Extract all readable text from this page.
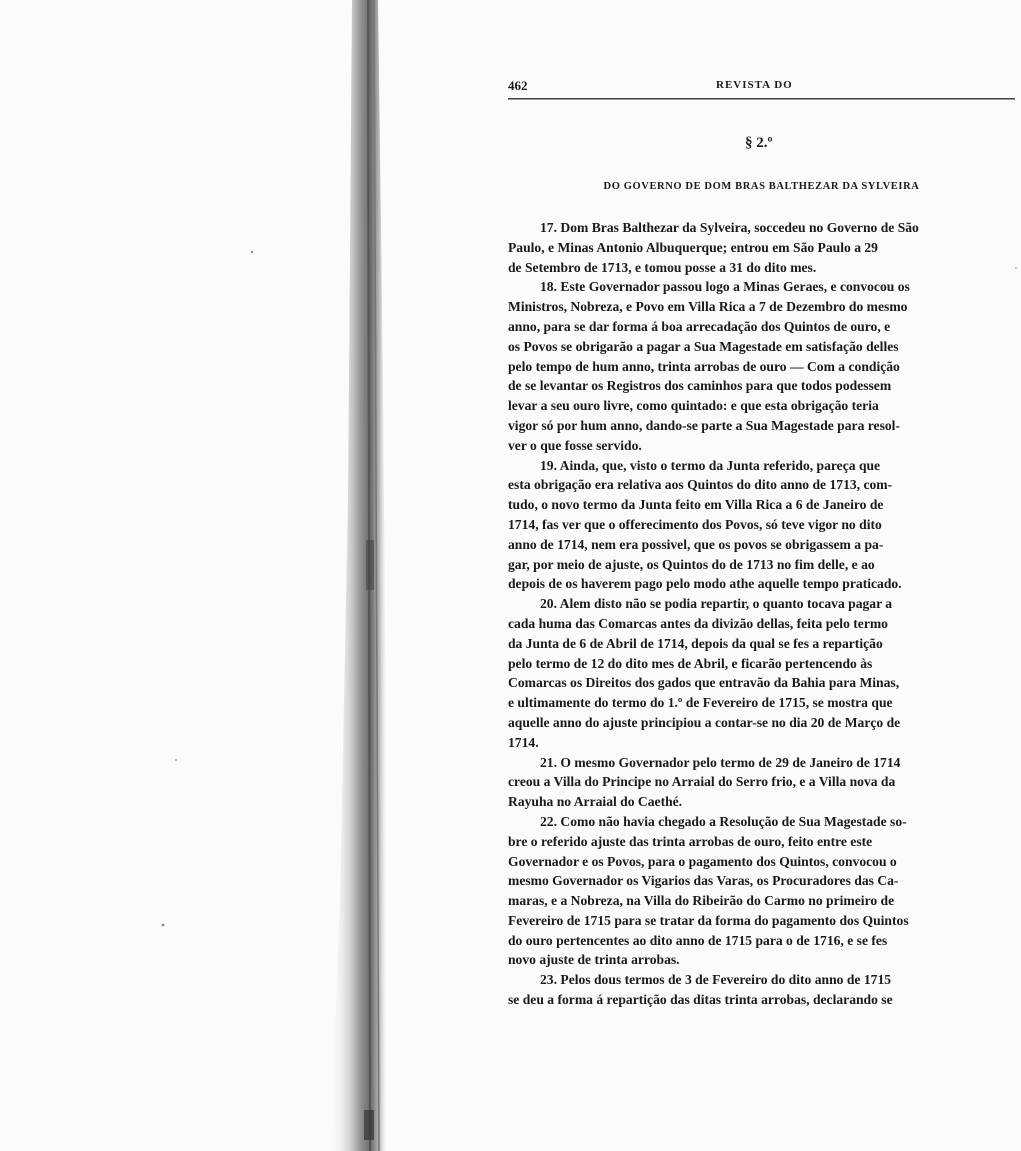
462	REVISTA DO
§ 2.º
DO GOVERNO DE DOM BRAS BALTHEZAR DA SYLVEIRA
17. Dom Bras Balthezar da Sylveira, soccedeu no Governo de São
Paulo, e Minas Antonio Albuquerque; entrou em São Paulo a 29
de Setembro de 1713, e tomou posse a 31 do dito mes.
18. Este Governador passou logo a Minas Geraes, e convocou os
Ministros, Nobreza, e Povo em Villa Rica a 7 de Dezembro do mesmo
anno, para se dar forma á boa arrecadação dos Quintos de ouro, e
os Povos se obrigarão a pagar a Sua Magestade em satisfação delles
pelo tempo de hum anno, trinta arrobas de ouro — Com a condição
de se levantar os Registros dos caminhos para que todos podessem
levar a seu ouro livre, como quintado: e que esta obrigação teria
vigor só por hum anno, dando-se parte a Sua Magestade para resol-
ver o que fosse servido.
19. Ainda, que, visto o termo da Junta referido, pareça que
esta obrigação era relativa aos Quintos do dito anno de 1713, com-
tudo, o novo termo da Junta feito em Villa Rica a 6 de Janeiro de
1714, fas ver que o offerecimento dos Povos, só teve vigor no dito
anno de 1714, nem era possivel, que os povos se obrigassem a pa-
gar, por meio de ajuste, os Quintos do de 1713 no fim delle, e ao
depois de os haverem pago pelo modo athe aquelle tempo praticado.
20. Alem disto não se podia repartir, o quanto tocava pagar a
cada huma das Comarcas antes da divizão dellas, feita pelo termo
da Junta de 6 de Abril de 1714, depois da qual se fes a repartição
pelo termo de 12 do dito mes de Abril, e ficarão pertencendo às
Comarcas os Direitos dos gados que entravão da Bahia para Minas,
e ultimamente do termo do 1.º de Fevereiro de 1715, se mostra que
aquelle anno do ajuste principiou a contar-se no dia 20 de Março de
1714.
21. O mesmo Governador pelo termo de 29 de Janeiro de 1714
creou a Villa do Principe no Arraial do Serro frio, e a Villa nova da
Rayuha no Arraial do Caethé.
22. Como não havia chegado a Resolução de Sua Magestade so-
bre o referido ajuste das trinta arrobas de ouro, feito entre este
Governador e os Povos, para o pagamento dos Quintos, convocou o
mesmo Governador os Vigarios das Varas, os Procuradores das Ca-
maras, e a Nobreza, na Villa do Ribeirão do Carmo no primeiro de
Fevereiro de 1715 para se tratar da forma do pagamento dos Quintos
do ouro pertencentes ao dito anno de 1715 para o de 1716, e se fes
novo ajuste de trinta arrobas.
23. Pelos dous termos de 3 de Fevereiro do dito anno de 1715
se deu a forma á repartição das ditas trinta arrobas, declarando se
